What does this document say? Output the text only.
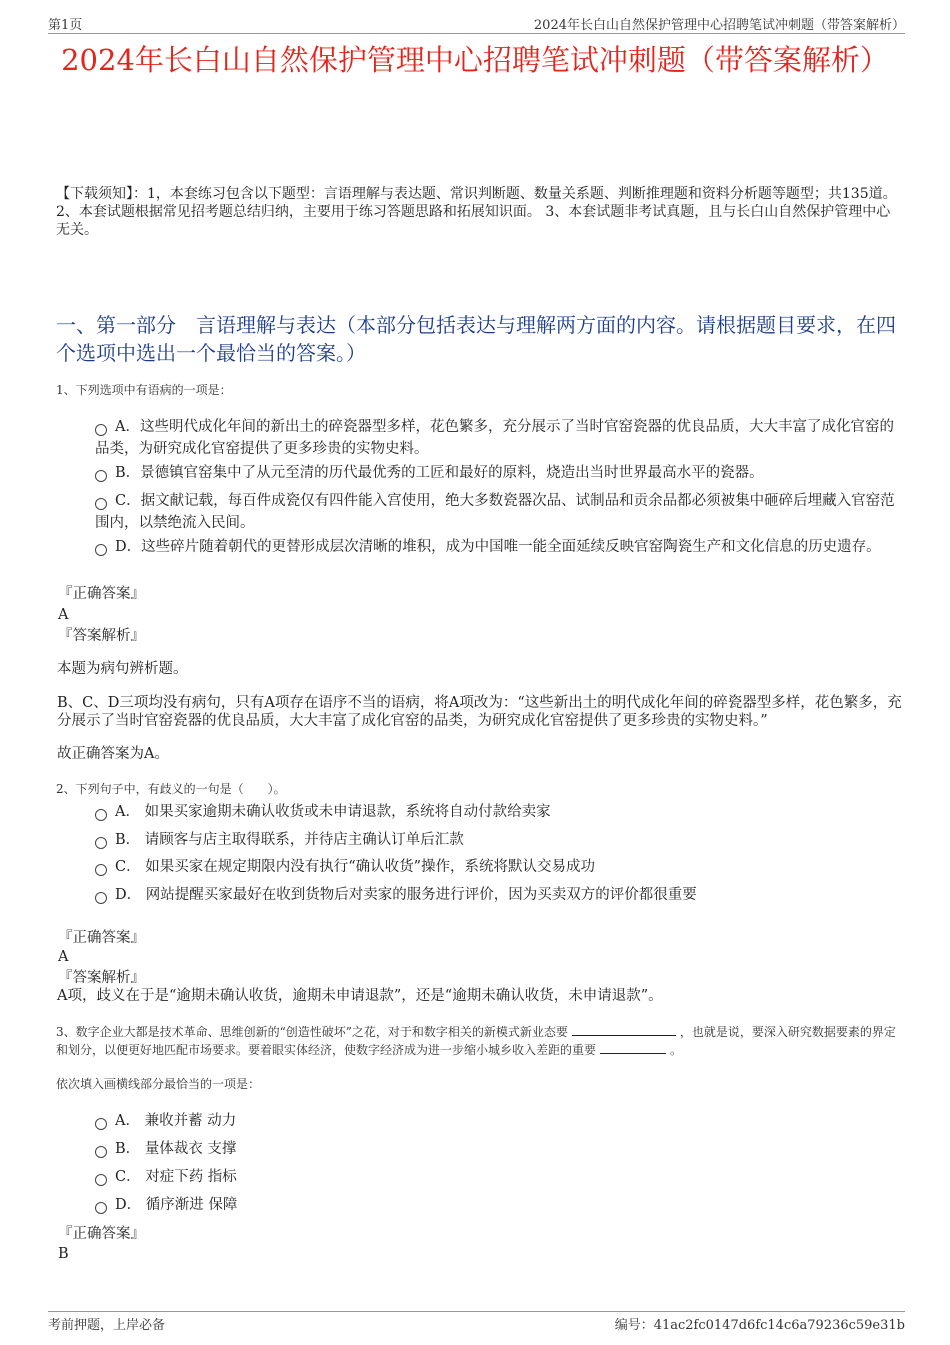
第1页	2024年长白山自然保护管理中心招聘笔试冲刺题（带答案解析）
2024年长白山自然保护管理中心招聘笔试冲刺题（带答案解析）
【下载须知】：1，本套练习包含以下题型：言语理解与表达题、常识判断题、数量关系题、判断推理题和资料分析题等题型；共135道。 2、本套试题根据常见招考题总结归纳，主要用于练习答题思路和拓展知识面。 3、本套试题非考试真题，且与长白山自然保护管理中心无关。
一、第一部分　言语理解与表达（本部分包括表达与理解两方面的内容。请根据题目要求，在四个选项中选出一个最恰当的答案。）
1、下列选项中有语病的一项是：
A．这些明代成化年间的新出土的碎瓷器型多样，花色繁多，充分展示了当时官窑瓷器的优良品质，大大丰富了成化官窑的品类，为研究成化官窑提供了更多珍贵的实物史料。
B．景德镇官窑集中了从元至清的历代最优秀的工匠和最好的原料，烧造出当时世界最高水平的瓷器。
C．据文献记载，每百件成瓷仅有四件能入宫使用，绝大多数瓷器次品、试制品和贡余品都必须被集中砸碎后埋藏入官窑范围内，以禁绝流入民间。
D．这些碎片随着朝代的更替形成层次清晰的堆积，成为中国唯一能全面延续反映官窑陶瓷生产和文化信息的历史遗存。
『正确答案』
A
『答案解析』
本题为病句辨析题。
B、C、D三项均没有病句，只有A项存在语序不当的语病，将A项改为：“这些新出土的明代成化年间的碎瓷器型多样，花色繁多，充分展示了当时官窑瓷器的优良品质，大大丰富了成化官窑的品类，为研究成化官窑提供了更多珍贵的实物史料。”
故正确答案为A。
2、下列句子中，有歧义的一句是（　　）。
A． 如果买家逾期未确认收货或未申请退款，系统将自动付款给卖家
B． 请顾客与店主取得联系，并待店主确认订单后汇款
C． 如果买家在规定期限内没有执行“确认收货”操作，系统将默认交易成功
D． 网站提醒买家最好在收到货物后对卖家的服务进行评价，因为买卖双方的评价都很重要
『正确答案』
A
『答案解析』
A项，歧义在于是“逾期未确认收货，逾期未申请退款”，还是“逾期未确认收货，未申请退款”。
3、数字企业大都是技术革命、思维创新的“创造性破坏”之花，对于和数字相关的新模式新业态要	，也就是说，要深入研究数据要素的界定和划分，以便更好地匹配市场要求。要着眼实体经济，使数字经济成为进一步缩小城乡收入差距的重要	。
依次填入画横线部分最恰当的一项是：
A． 兼收并蓄 动力
B． 量体裁衣 支撑
C． 对症下药 指标
D． 循序渐进 保障
『正确答案』
B
考前押题，上岸必备	编号：41ac2fc0147d6fc14c6a79236c59e31b
